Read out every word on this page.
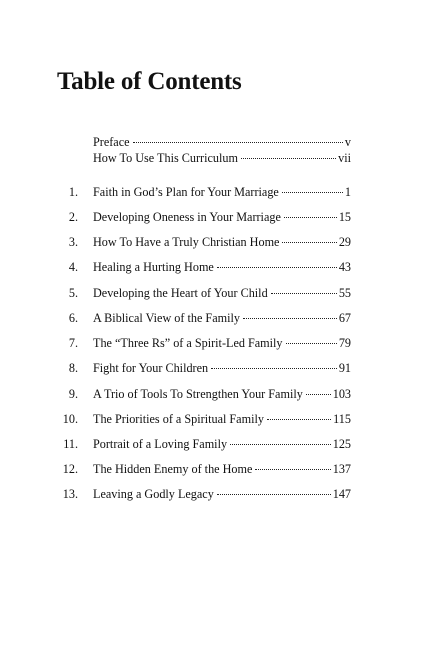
Table of Contents
Preface	v
How To Use This Curriculum	vii
1. Faith in God’s Plan for Your Marriage	1
2. Developing Oneness in Your Marriage	15
3. How To Have a Truly Christian Home	29
4. Healing a Hurting Home	43
5. Developing the Heart of Your Child	55
6. A Biblical View of the Family	67
7. The “Three Rs” of a Spirit-Led Family	79
8. Fight for Your Children	91
9. A Trio of Tools To Strengthen Your Family 103
10. The Priorities of a Spiritual Family	115
11. Portrait of a Loving Family	125
12. The Hidden Enemy of the Home	137
13. Leaving a Godly Legacy	147
